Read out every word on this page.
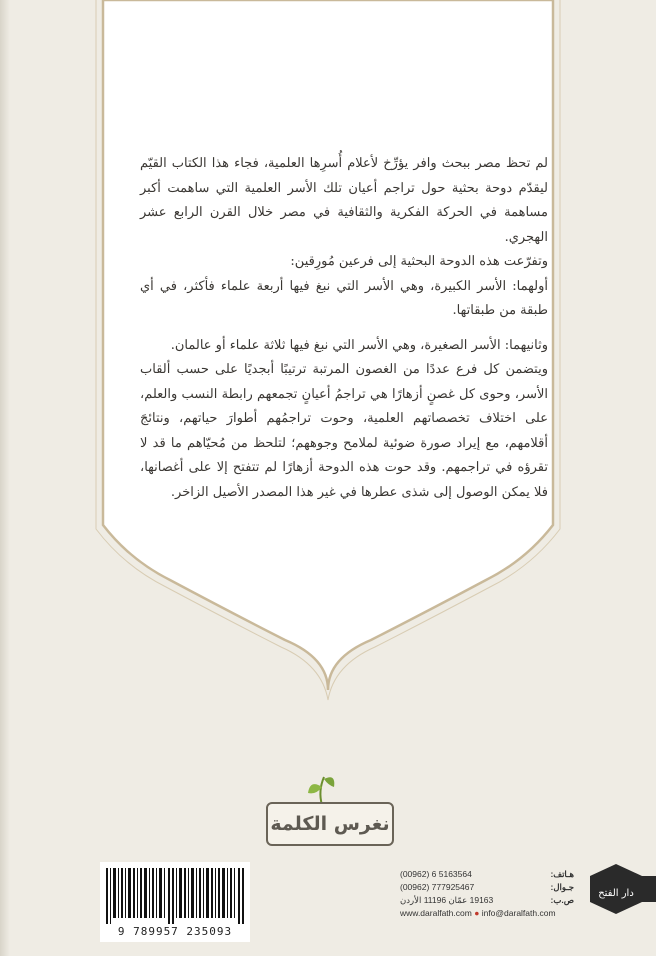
لم تحظ مصر ببحث وافر يؤرِّخ لأعلام أُسرِها العلمية، فجاء هذا الكتاب القيّم ليقدّم دوحة بحثية حول تراجم أعيان تلك الأسر العلمية التي ساهمت أكبر مساهمة في الحركة الفكرية والثقافية في مصر خلال القرن الرابع عشر الهجري.

وتفرّعت هذه الدوحة البحثية إلى فرعين مُورِقين:

أولهما: الأسر الكبيرة، وهي الأسر التي نبغ فيها أربعة علماء فأكثر، في أي طبقة من طبقاتها.

وثانيهما: الأسر الصغيرة، وهي الأسر التي نبغ فيها ثلاثة علماء أو عالمان.

ويتضمن كل فرع عددًا من الغصون المرتبة ترتيبًا أبجديًا على حسب ألقاب الأسر، وحوى كل غصنٍ أزهارًا هي تراجمُ أعيانٍ تجمعهم رابطة النسب والعلم، على اختلاف تخصصاتهم العلمية، وحوت تراجمُهم أطوارَ حياتهم، ونتائجَ أقلامهم، مع إيراد صورة ضوئية لملامح وجوههم؛ لتلحظ من مُحيّاهم ما قد لا تقرؤه في تراجمهم. وقد حوت هذه الدوحة أزهارًا لم تتفتح إلا على أغصانها، فلا يمكن الوصول إلى شذى عطرها في غير هذا المصدر الأصيل الزاخر.

نغرس الكلمة
9 789957 235093
(00962) 6 5163564	هـاتف:
(00962) 777925467	جـوال:
19163 عمّان 11196 الأردن	ص.ب:
www.daralfath.com ● info@daralfath.com
دار الفتح
